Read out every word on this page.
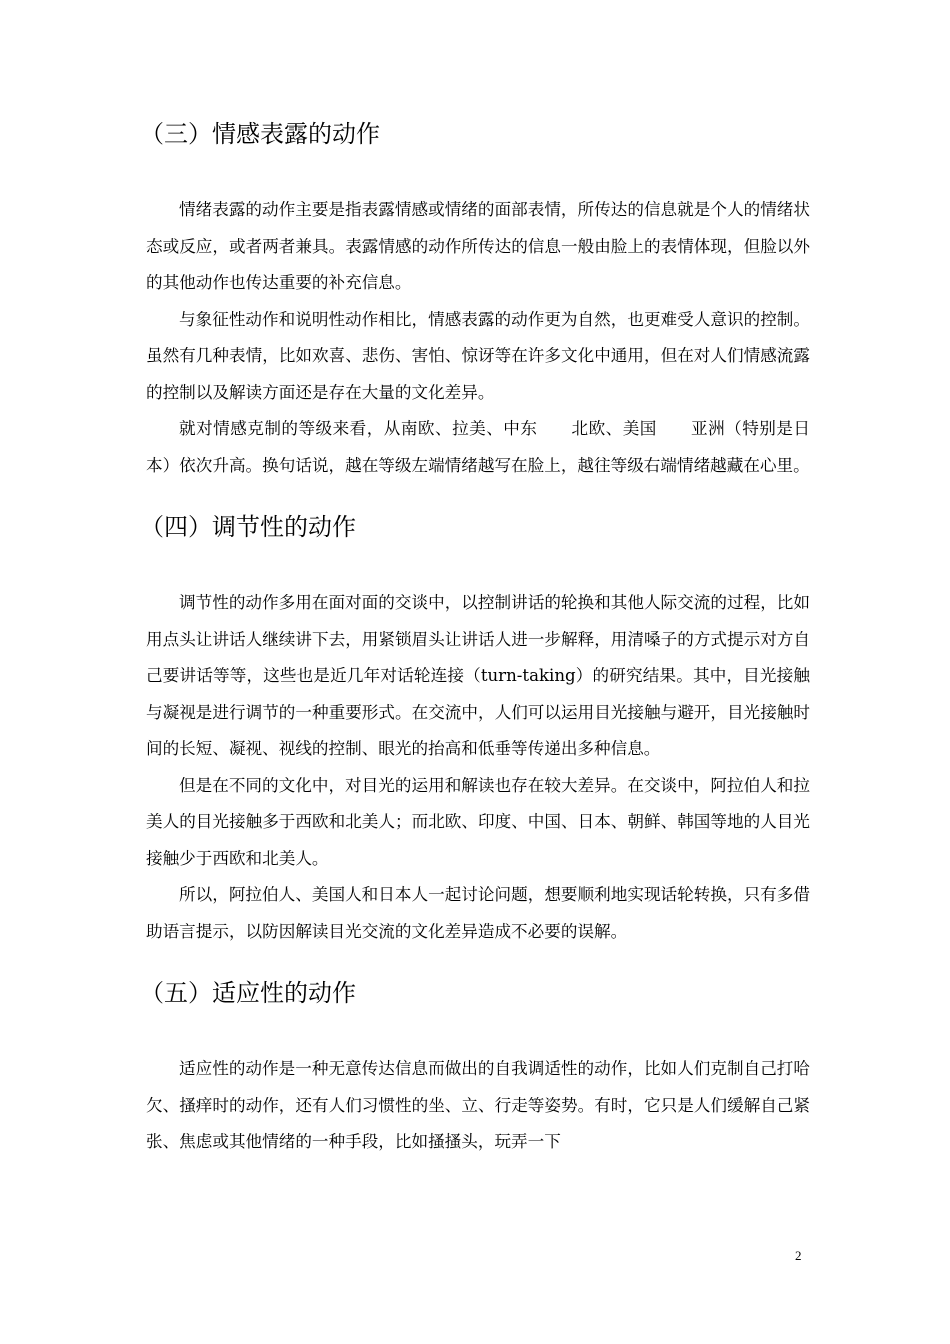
（三）情感表露的动作

情绪表露的动作主要是指表露情感或情绪的面部表情，所传达的信息就是个人的情绪状态或反应，或者两者兼具。表露情感的动作所传达的信息一般由脸上的表情体现，但脸以外的其他动作也传达重要的补充信息。

与象征性动作和说明性动作相比，情感表露的动作更为自然，也更难受人意识的控制。虽然有几种表情，比如欢喜、悲伤、害怕、惊讶等在许多文化中通用，但在对人们情感流露的控制以及解读方面还是存在大量的文化差异。

就对情感克制的等级来看，从南欧、拉美、中东　　北欧、美国　　亚洲（特别是日本）依次升高。换句话说，越在等级左端情绪越写在脸上，越往等级右端情绪越藏在心里。

（四）调节性的动作

调节性的动作多用在面对面的交谈中，以控制讲话的轮换和其他人际交流的过程，比如用点头让讲话人继续讲下去，用紧锁眉头让讲话人进一步解释，用清嗓子的方式提示对方自己要讲话等等，这些也是近几年对话轮连接（turn-taking）的研究结果。其中，目光接触与凝视是进行调节的一种重要形式。在交流中，人们可以运用目光接触与避开，目光接触时间的长短、凝视、视线的控制、眼光的抬高和低垂等传递出多种信息。

但是在不同的文化中，对目光的运用和解读也存在较大差异。在交谈中，阿拉伯人和拉美人的目光接触多于西欧和北美人；而北欧、印度、中国、日本、朝鲜、韩国等地的人目光接触少于西欧和北美人。

所以，阿拉伯人、美国人和日本人一起讨论问题，想要顺利地实现话轮转换，只有多借助语言提示，以防因解读目光交流的文化差异造成不必要的误解。

（五）适应性的动作

适应性的动作是一种无意传达信息而做出的自我调适性的动作，比如人们克制自己打哈欠、搔痒时的动作，还有人们习惯性的坐、立、行走等姿势。有时，它只是人们缓解自己紧张、焦虑或其他情绪的一种手段，比如搔搔头，玩弄一下

2
